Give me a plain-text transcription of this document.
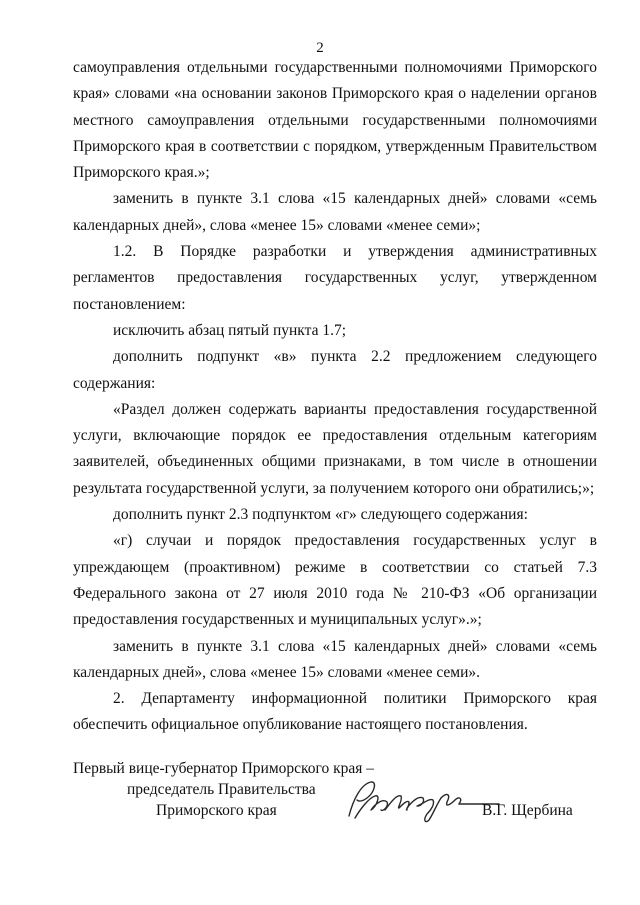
2

самоуправления отдельными государственными полномочиями Приморского края» словами «на основании законов Приморского края о наделении органов местного самоуправления отдельными государственными полномочиями Приморского края в соответствии с порядком, утвержденным Правительством Приморского края.»;

заменить в пункте 3.1 слова «15 календарных дней» словами «семь календарных дней», слова «менее 15» словами «менее семи»;

1.2. В Порядке разработки и утверждения административных регламентов предоставления государственных услуг, утвержденном постановлением:

исключить абзац пятый пункта 1.7;

дополнить подпункт «в» пункта 2.2 предложением следующего содержания:

«Раздел должен содержать варианты предоставления государственной услуги, включающие порядок ее предоставления отдельным категориям заявителей, объединенных общими признаками, в том числе в отношении результата государственной услуги, за получением которого они обратились;»;

дополнить пункт 2.3 подпунктом «г» следующего содержания:

«г) случаи и порядок предоставления государственных услуг в упреждающем (проактивном) режиме в соответствии со статьей 7.3 Федерального закона от 27 июля 2010 года № 210-ФЗ «Об организации предоставления государственных и муниципальных услуг».»;

заменить в пункте 3.1 слова «15 календарных дней» словами «семь календарных дней», слова «менее 15» словами «менее семи».

2. Департаменту информационной политики Приморского края обеспечить официальное опубликование настоящего постановления.

Первый вице-губернатор Приморского края –
председатель Правительства
Приморского края	В.Г. Щербина
